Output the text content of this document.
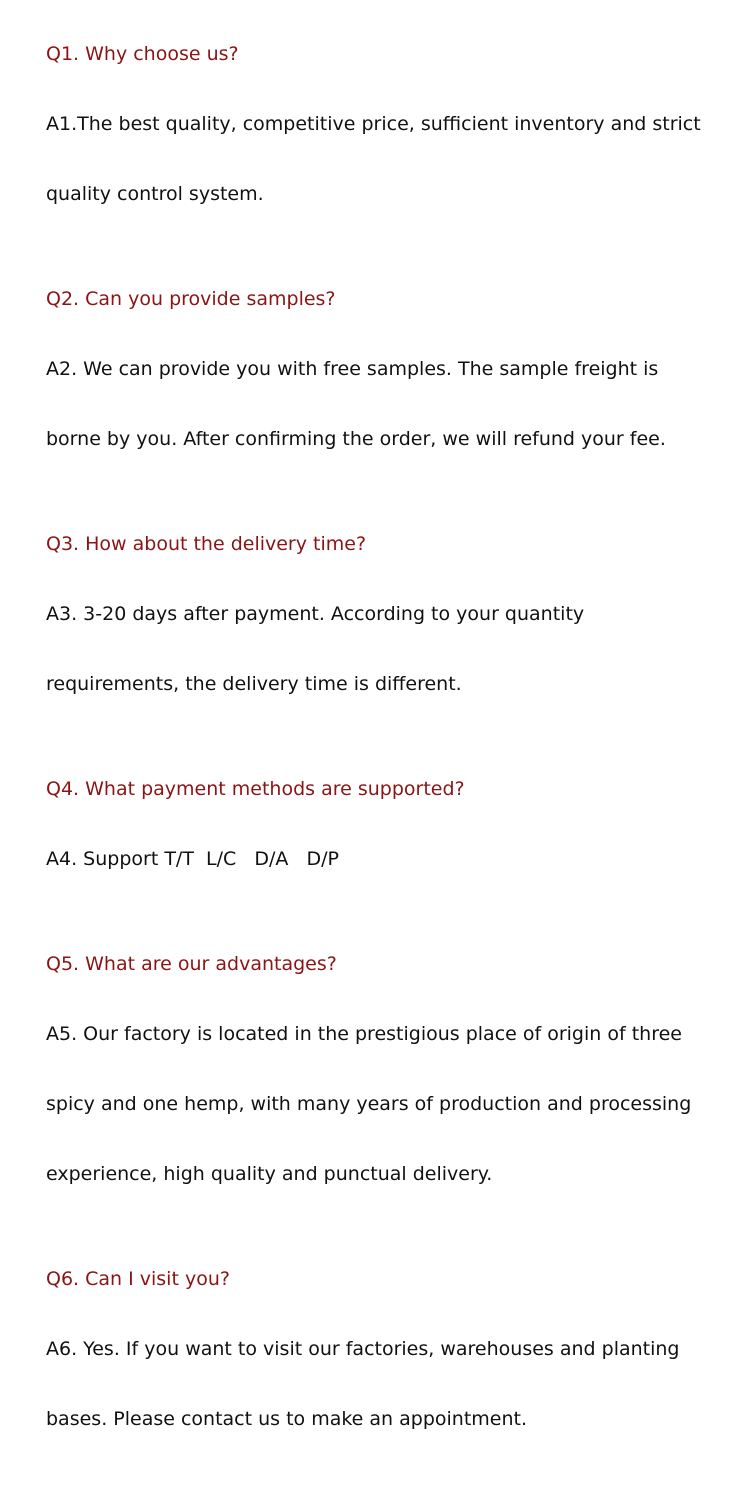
Q1. Why choose us?

A1.The best quality, competitive price, sufficient inventory and strict

quality control system.

Q2. Can you provide samples?

A2. We can provide you with free samples. The sample freight is

borne by you. After confirming the order, we will refund your fee.

Q3. How about the delivery time?

A3. 3-20 days after payment. According to your quantity

requirements, the delivery time is different.

Q4. What payment methods are supported?

A4. Support T/T  L/C   D/A   D/P

Q5. What are our advantages?

A5. Our factory is located in the prestigious place of origin of three

spicy and one hemp, with many years of production and processing

experience, high quality and punctual delivery.

Q6. Can I visit you?

A6. Yes. If you want to visit our factories, warehouses and planting

bases. Please contact us to make an appointment.
